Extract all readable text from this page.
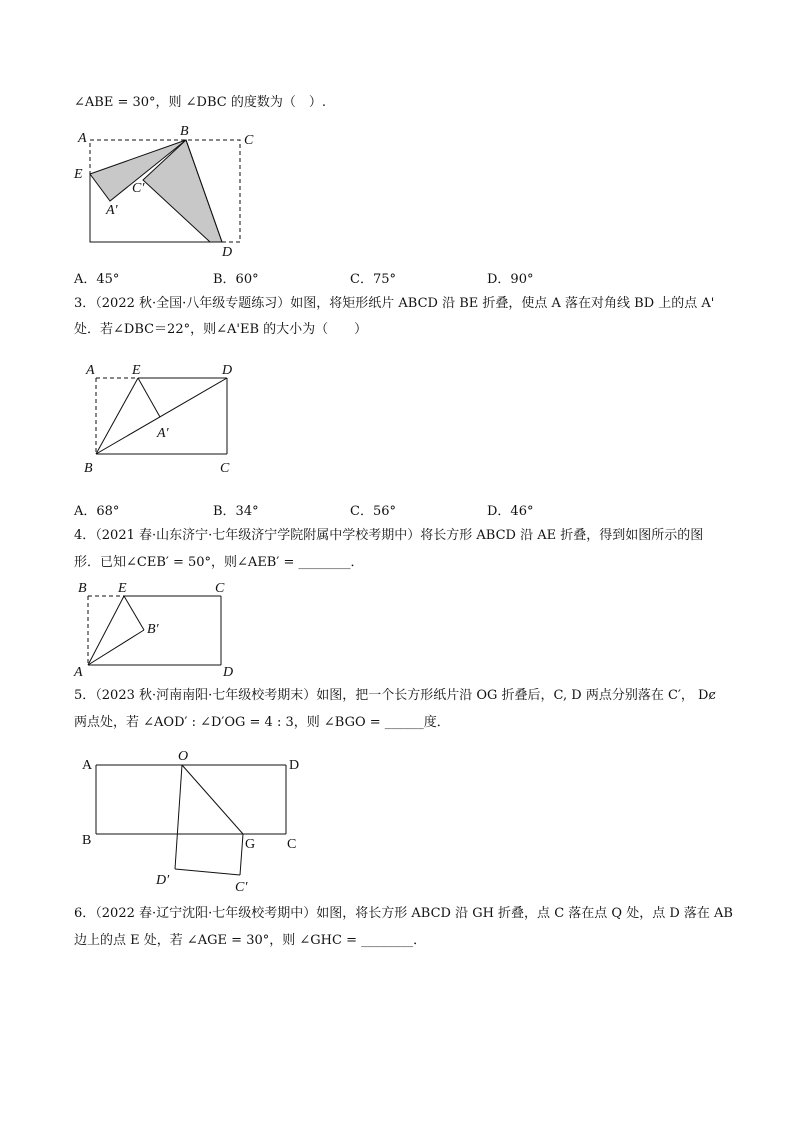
∠ABE = 30°，则 ∠DBC 的度数为（　）.
A	B
C
E
C′
A′
D
A．45°	B．60°	C．75°	D．90°
3．（2022 秋·全国·八年级专题练习）如图，将矩形纸片 ABCD 沿 BE 折叠，使点 A 落在对角线 BD 上的点 A'
处．若∠DBC＝22°，则∠A'EB 的大小为（　　）
A	E	D
A′
B	C
A．68°	B．34°	C．56°	D．46°
4．（2021 春·山东济宁·七年级济宁学院附属中学校考期中）将长方形 ABCD 沿 AE 折叠，得到如图所示的图
形．已知∠CEB′ = 50°，则∠AEB′ = ________．
B E	C
B′
A	D
5．（2023 秋·河南南阳·七年级校考期末）如图，把一个长方形纸片沿 OG 折叠后，C, D 两点分别落在 C′， Dȼ
两点处，若 ∠AOD′ : ∠D′OG = 4 : 3，则 ∠BGO = ______度．
A
O
D
B	G C
D′	C′
6．（2022 春·辽宁沈阳·七年级校考期中）如图，将长方形 ABCD 沿 GH 折叠，点 C 落在点 Q 处，点 D 落在 AB
边上的点 E 处，若 ∠AGE = 30°，则 ∠GHC = ________．
